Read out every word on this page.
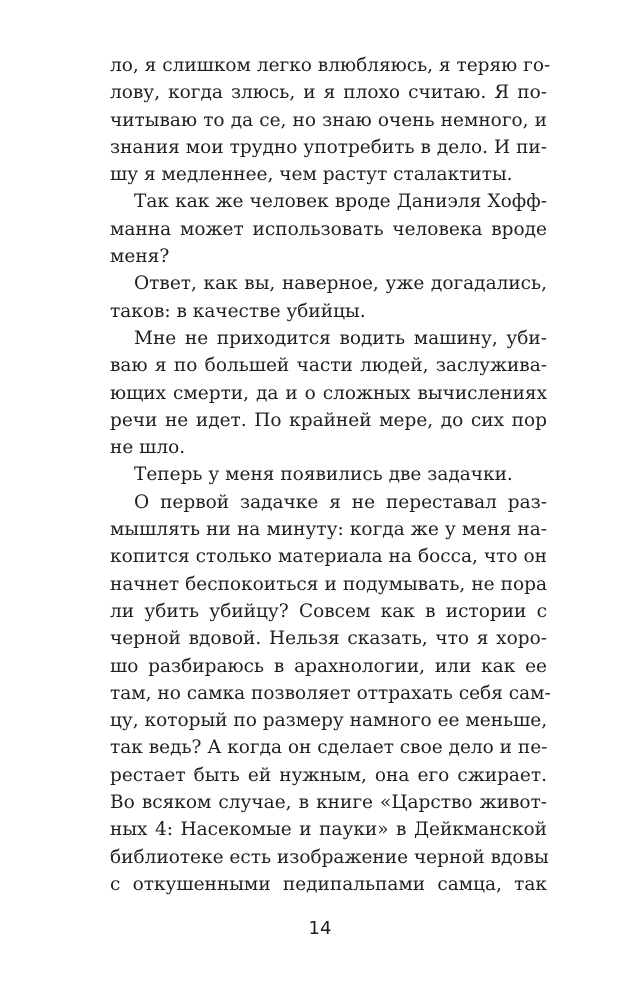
ло, я слишком легко влюбляюсь, я теряю го-
лову, когда злюсь, и я плохо считаю. Я по-
читываю то да се, но знаю очень немного, и
знания мои трудно употребить в дело. И пи-
шу я медленнее, чем растут сталактиты.
Так как же человек вроде Даниэля Хофф-
манна может использовать человека вроде
меня?
Ответ, как вы, наверное, уже догадались,
таков: в качестве убийцы.
Мне не приходится водить машину, уби-
ваю я по большей части людей, заслужива-
ющих смерти, да и о сложных вычислениях
речи не идет. По крайней мере, до сих пор
не шло.
Теперь у меня появились две задачки.
О первой задачке я не переставал раз-
мышлять ни на минуту: когда же у меня на-
копится столько материала на босса, что он
начнет беспокоиться и подумывать, не пора
ли убить убийцу? Совсем как в истории с
черной вдовой. Нельзя сказать, что я хоро-
шо разбираюсь в арахнологии, или как ее
там, но самка позволяет оттрахать себя сам-
цу, который по размеру намного ее меньше,
так ведь? А когда он сделает свое дело и пе-
рестает быть ей нужным, она его сжирает.
Во всяком случае, в книге «Царство живот-
ных 4: Насекомые и пауки» в Дейкманской
библиотеке есть изображение черной вдовы
с откушенными педипальпами самца, так
14
